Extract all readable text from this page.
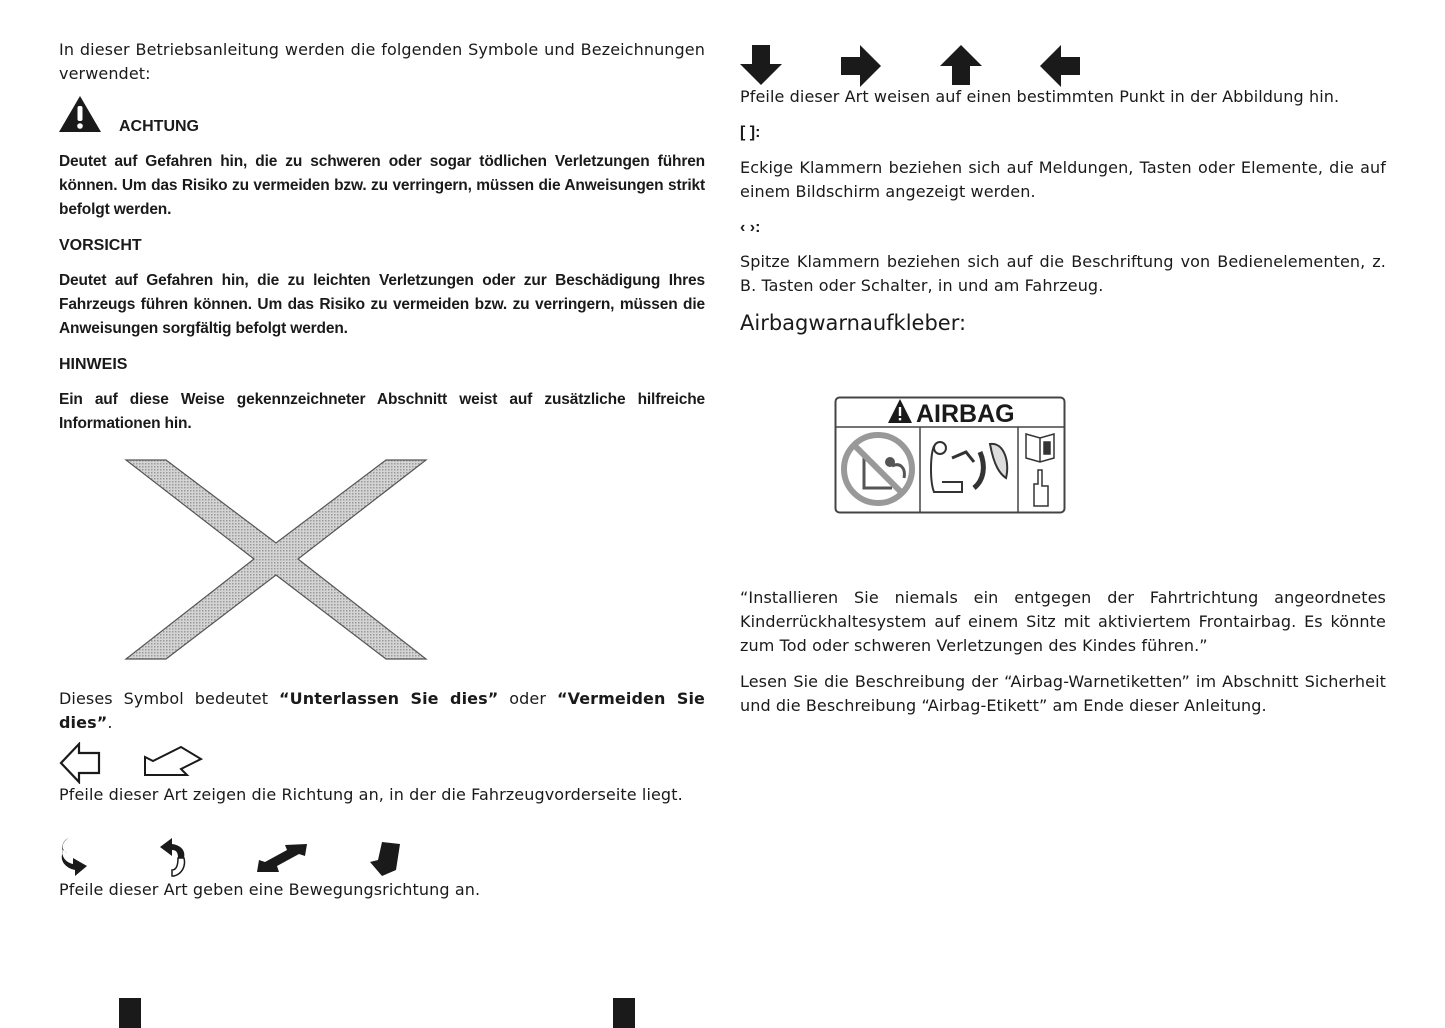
In dieser Betriebsanleitung werden die folgenden Symbole und Bezeichnungen verwendet:

ACHTUNG

Deutet auf Gefahren hin, die zu schweren oder sogar tödlichen Verletzungen führen können. Um das Risiko zu vermeiden bzw. zu verringern, müssen die Anweisungen strikt befolgt werden.

VORSICHT

Deutet auf Gefahren hin, die zu leichten Verletzungen oder zur Beschädigung Ihres Fahrzeugs führen können. Um das Risiko zu vermeiden bzw. zu verringern, müssen die Anweisungen sorgfältig befolgt werden.

HINWEIS

Ein auf diese Weise gekennzeichneter Abschnitt weist auf zusätzliche hilfreiche Informationen hin.

Dieses Symbol bedeutet “Unterlassen Sie dies” oder “Vermeiden Sie dies”.

Pfeile dieser Art zeigen die Richtung an, in der die Fahrzeugvorderseite liegt.

Pfeile dieser Art geben eine Bewegungsrichtung an.

Pfeile dieser Art weisen auf einen bestimmten Punkt in der Abbildung hin.

[ ]:

Eckige Klammern beziehen sich auf Meldungen, Tasten oder Elemente, die auf einem Bildschirm angezeigt werden.

‹ ›:

Spitze Klammern beziehen sich auf die Beschriftung von Bedienelementen, z. B. Tasten oder Schalter, in und am Fahrzeug.

Airbagwarnaufkleber:
AIRBAG

“Installieren Sie niemals ein entgegen der Fahrtrichtung angeordnetes Kinderrückhaltesystem auf einem Sitz mit aktiviertem Frontairbag. Es könnte zum Tod oder schweren Verletzungen des Kindes führen.”

Lesen Sie die Beschreibung der “Airbag-Warnetiketten” im Abschnitt Sicherheit und die Beschreibung “Airbag-Etikett” am Ende dieser Anleitung.
